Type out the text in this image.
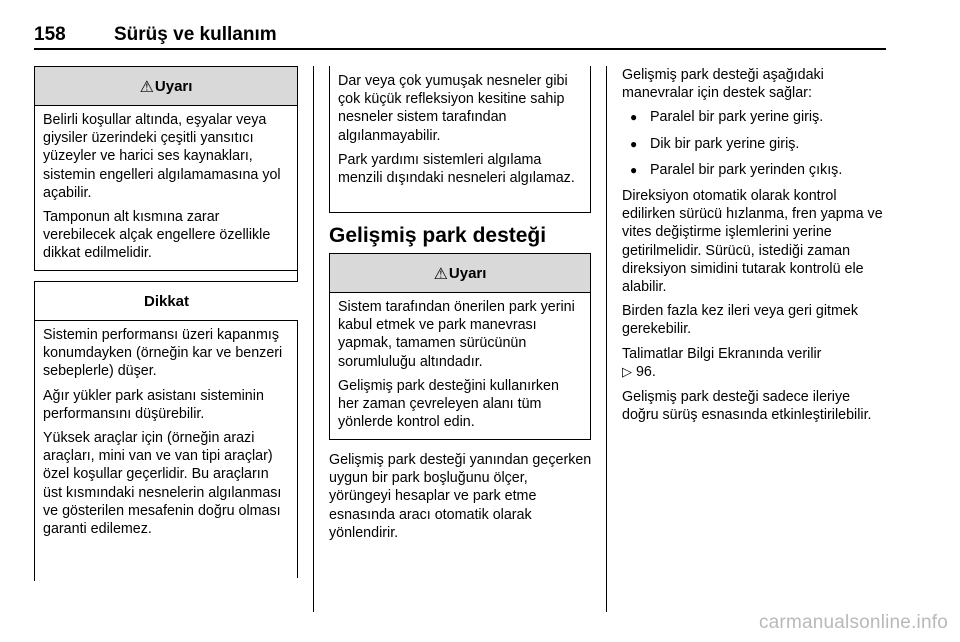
158	Sürüş ve kullanım
⚠ Uyarı

Belirli koşullar altında, eşyalar veya giysiler üzerindeki çeşitli yansıtıcı yüzeyler ve harici ses kaynakları, sistemin engelleri algılamamasına yol açabilir.

Tamponun alt kısmına zarar verebilecek alçak engellere özellikle dikkat edilmelidir.

Dikkat

Sistemin performansı üzeri kapanmış konumdayken (örneğin kar ve benzeri sebeplerle) düşer.

Ağır yükler park asistanı sisteminin performansını düşürebilir.

Yüksek araçlar için (örneğin arazi araçları, mini van ve van tipi araçlar) özel koşullar geçerlidir. Bu araçların üst kısmındaki nesnelerin algılanması ve gösterilen mesafenin doğru olması garanti edilemez.

Dar veya çok yumuşak nesneler gibi çok küçük refleksiyon kesitine sahip nesneler sistem tarafından algılanmayabilir.

Park yardımı sistemleri algılama menzili dışındaki nesneleri algılamaz.

Gelişmiş park desteği
⚠ Uyarı

Sistem tarafından önerilen park yerini kabul etmek ve park manevrası yapmak, tamamen sürücünün sorumluluğu altındadır.

Gelişmiş park desteğini kullanırken her zaman çevreleyen alanı tüm yönlerde kontrol edin.

Gelişmiş park desteği yanından geçerken uygun bir park boşluğunu ölçer, yörüngeyi hesaplar ve park etme esnasında aracı otomatik olarak yönlendirir.

Gelişmiş park desteği aşağıdaki manevralar için destek sağlar:

● Paralel bir park yerine giriş.
● Dik bir park yerine giriş.
● Paralel bir park yerinden çıkış.

Direksiyon otomatik olarak kontrol edilirken sürücü hızlanma, fren yapma ve vites değiştirme işlemlerini yerine getirilmelidir. Sürücü, istediği zaman direksiyon simidini tutarak kontrolü ele alabilir.

Birden fazla kez ileri veya geri gitmek gerekebilir.

Talimatlar Bilgi Ekranında verilir
▷ 96.

Gelişmiş park desteği sadece ileriye doğru sürüş esnasında etkinleştirilebilir.

carmanualsonline.info
